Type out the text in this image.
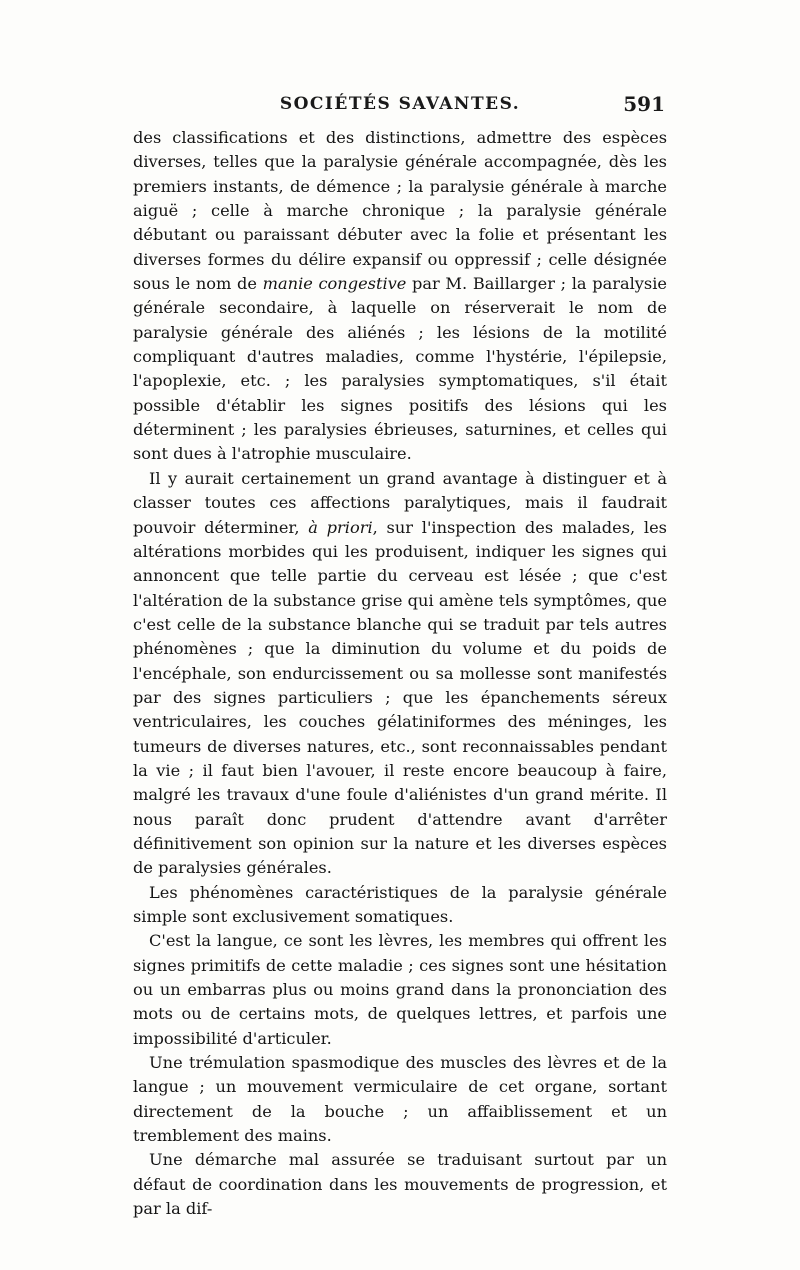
SOCIÉTÉS SAVANTES.	591

des classifications et des distinctions, admettre des espèces diverses, telles que la paralysie générale accompagnée, dès les premiers instants, de démence ; la paralysie générale à marche aiguë ; celle à marche chronique ; la paralysie générale débutant ou paraissant débuter avec la folie et présentant les diverses formes du délire expansif ou oppressif ; celle désignée sous le nom de manie congestive par M. Baillarger ; la paralysie générale secondaire, à laquelle on réserverait le nom de paralysie générale des aliénés ; les lésions de la motilité compliquant d'autres maladies, comme l'hystérie, l'épilepsie, l'apoplexie, etc. ; les paralysies symptomatiques, s'il était possible d'établir les signes positifs des lésions qui les déterminent ; les paralysies ébrieuses, saturnines, et celles qui sont dues à l'atrophie musculaire.

Il y aurait certainement un grand avantage à distinguer et à classer toutes ces affections paralytiques, mais il faudrait pouvoir déterminer, à priori, sur l'inspection des malades, les altérations morbides qui les produisent, indiquer les signes qui annoncent que telle partie du cerveau est lésée ; que c'est l'altération de la substance grise qui amène tels symptômes, que c'est celle de la substance blanche qui se traduit par tels autres phénomènes ; que la diminution du volume et du poids de l'encéphale, son endurcissement ou sa mollesse sont manifestés par des signes particuliers ; que les épanchements séreux ventriculaires, les couches gélatiniformes des méninges, les tumeurs de diverses natures, etc., sont reconnaissables pendant la vie ; il faut bien l'avouer, il reste encore beaucoup à faire, malgré les travaux d'une foule d'aliénistes d'un grand mérite. Il nous paraît donc prudent d'attendre avant d'arrêter définitivement son opinion sur la nature et les diverses espèces de paralysies générales.

Les phénomènes caractéristiques de la paralysie générale simple sont exclusivement somatiques.

C'est la langue, ce sont les lèvres, les membres qui offrent les signes primitifs de cette maladie ; ces signes sont une hésitation ou un embarras plus ou moins grand dans la prononciation des mots ou de certains mots, de quelques lettres, et parfois une impossibilité d'articuler.

Une trémulation spasmodique des muscles des lèvres et de la langue ; un mouvement vermiculaire de cet organe, sortant directement de la bouche ; un affaiblissement et un tremblement des mains.

Une démarche mal assurée se traduisant surtout par un défaut de coordination dans les mouvements de progression, et par la dif-
